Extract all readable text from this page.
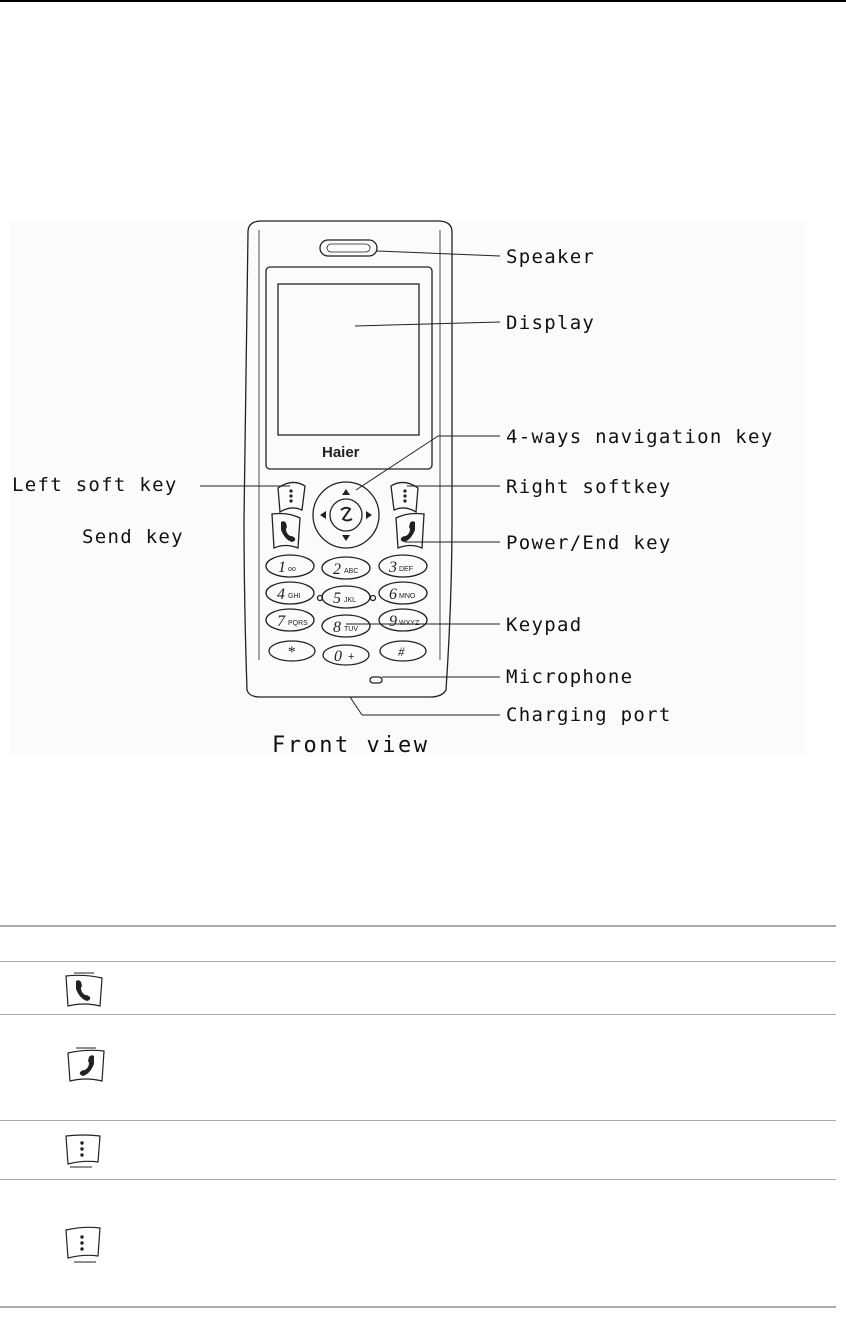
1	2	3
4	5	6
7	8	9
* 0	#
oo	ABC	DEF
GHI
JKL
MNO
PQRS
TUV
WXYZ
+
Haier
Speaker
Display
4-ways navigation key
Left soft key	Right softkey
Send key	Power/End key
Keypad
Microphone
Charging port
Front view
